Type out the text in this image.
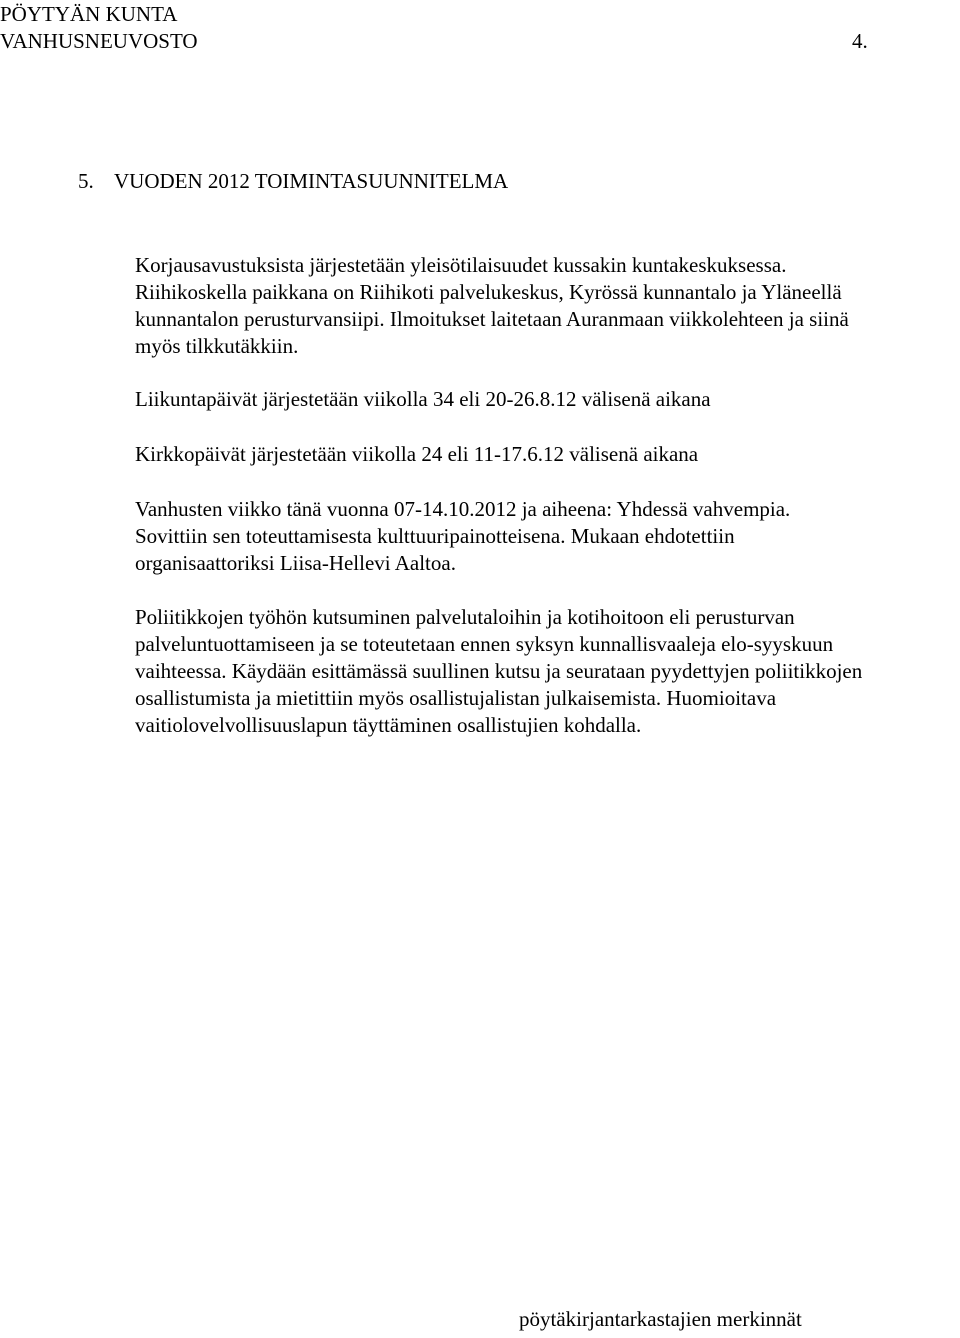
PÖYTYÄN KUNTA
VANHUSNEUVOSTO	4.
5. VUODEN 2012 TOIMINTASUUNNITELMA
Korjausavustuksista järjestetään yleisötilaisuudet kussakin kuntakeskuksessa.
Riihikoskella paikkana on Riihikoti palvelukeskus, Kyrössä kunnantalo ja Yläneellä
kunnantalon perusturvansiipi. Ilmoitukset laitetaan Auranmaan viikkolehteen ja siinä
myös tilkkutäkkiin.
Liikuntapäivät järjestetään viikolla 34 eli 20-26.8.12 välisenä aikana
Kirkkopäivät järjestetään viikolla 24 eli 11-17.6.12 välisenä aikana
Vanhusten viikko tänä vuonna 07-14.10.2012 ja aiheena: Yhdessä vahvempia.
Sovittiin sen toteuttamisesta kulttuuripainotteisena. Mukaan ehdotettiin
organisaattoriksi Liisa-Hellevi Aaltoa.
Poliitikkojen työhön kutsuminen palvelutaloihin ja kotihoitoon eli perusturvan
palveluntuottamiseen ja se toteutetaan ennen syksyn kunnallisvaaleja elo-syyskuun
vaihteessa. Käydään esittämässä suullinen kutsu ja seurataan pyydettyjen poliitikkojen
osallistumista ja mietittiin myös osallistujalistan julkaisemista. Huomioitava
vaitiolovelvollisuuslapun täyttäminen osallistujien kohdalla.
pöytäkirjantarkastajien merkinnät
